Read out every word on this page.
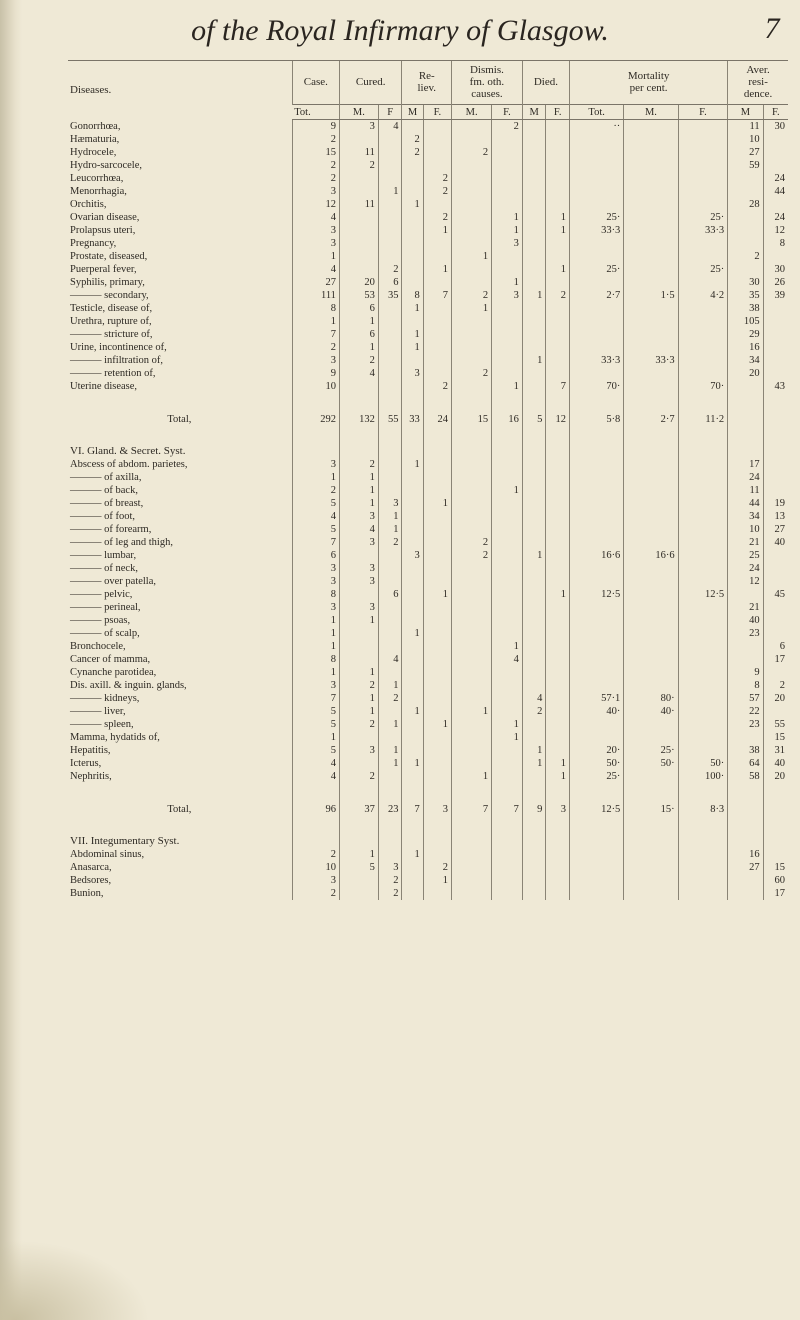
of the Royal Infirmary of Glasgow.	7
Diseases.	Case.	Cured.		Re-
liev.		Dismis.
fm. oth.
causes.		Died.		Mortality
per cent.			Aver.
resi-
dence.	
	Tot.	M.	F	M	F.	M.	F.	M	F.	Tot.	M.	F.	M	F.
Gonorrhœa,	9	3	4				2			··			11	30
Hæmaturia,	2			2									10	
Hydrocele,	15	11		2		2							27	
Hydro-sarcocele,	2	2											59	
Leucorrhœa,	2				2									24
Menorrhagia,	3		1		2									44
Orchitis,	12	11		1									28	
Ovarian disease,	4				2		1		1	25·		25·		24
Prolapsus uteri,	3				1		1		1	33·3		33·3		12
Pregnancy,	3						3							8
Prostate, diseased,	1					1							2	
Puerperal fever,	4		2		1				1	25·		25·		30
Syphilis, primary,	27	20	6				1						30	26
——— secondary,	111	53	35	8	7	2	3	1	2	2·7	1·5	4·2	35	39
Testicle, disease of,	8	6		1		1							38	
Urethra, rupture of,	1	1											105	
——— stricture of,	7	6		1									29	
Urine, incontinence of,	2	1		1									16	
——— infiltration of,	3	2						1		33·3	33·3		34	
——— retention of,	9	4		3		2							20	
Uterine disease,	10				2		1		7	70·		70·		43

Total,	292	132	55	33	24	15	16	5	12	5·8	2·7	11·2		

VI. Gland. & Secret. Syst.														
Abscess of abdom. parietes,	3	2		1									17	
——— of axilla,	1	1											24	
——— of back,	2	1					1						11	
——— of breast,	5	1	3		1								44	19
——— of foot,	4	3	1										34	13
——— of forearm,	5	4	1										10	27
——— of leg and thigh,	7	3	2			2							21	40
——— lumbar,	6			3		2		1		16·6	16·6		25	
——— of neck,	3	3											24	
——— over patella,	3	3											12	
——— pelvic,	8		6		1				1	12·5		12·5		45
——— perineal,	3	3											21	
——— psoas,	1	1											40	
——— of scalp,	1			1									23	
Bronchocele,	1						1							6
Cancer of mamma,	8		4				4							17
Cynanche parotidea,	1	1											9	
Dis. axill. & inguin. glands,	3	2	1										8	2
——— kidneys,	7	1	2					4		57·1	80·		57	20
——— liver,	5	1		1		1		2		40·	40·		22	
——— spleen,	5	2	1		1		1						23	55
Mamma, hydatids of,	1						1							15
Hepatitis,	5	3	1					1		20·	25·		38	31
Icterus,	4		1	1				1	1	50·	50·	50·	64	40
Nephritis,	4	2				1			1	25·		100·	58	20

Total,	96	37	23	7	3	7	7	9	3	12·5	15·	8·3		

VII. Integumentary Syst.														
Abdominal sinus,	2	1		1									16	
Anasarca,	10	5	3		2								27	15
Bedsores,	3		2		1									60
Bunion,	2		2											17
